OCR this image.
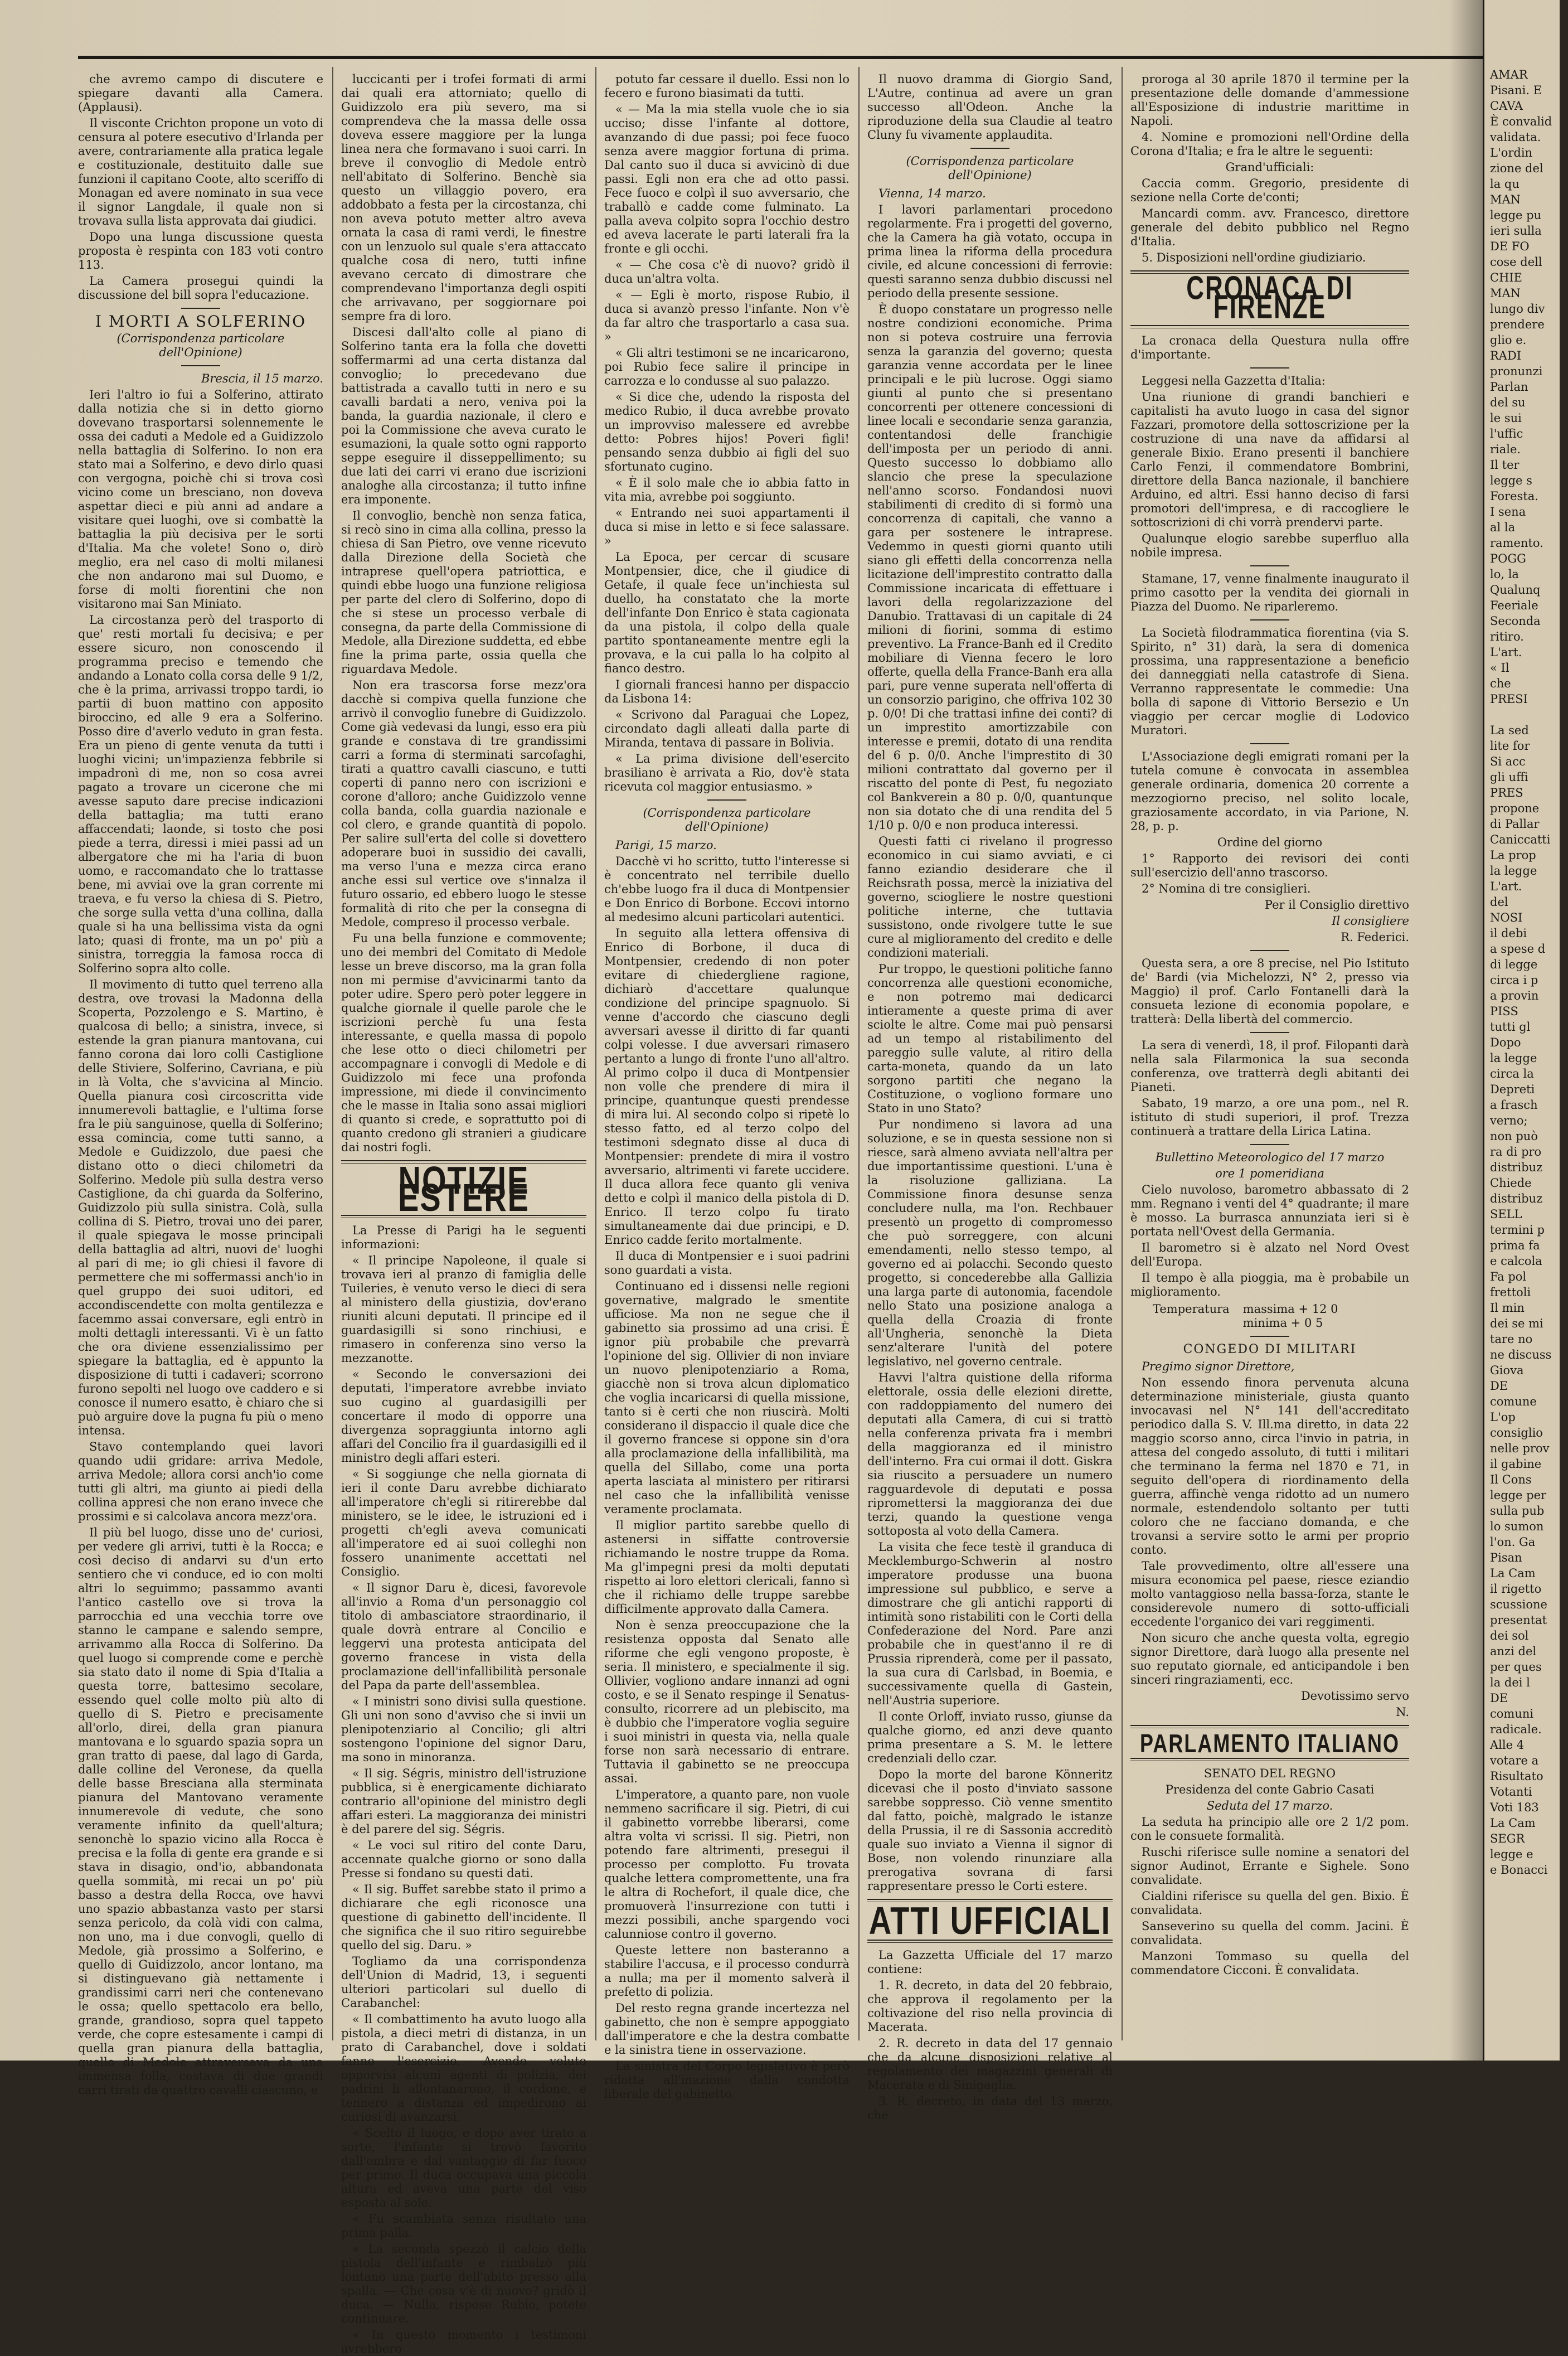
che avremo campo di discutere e spiegare davanti alla Camera. (Applausi).

Il visconte Crichton propone un voto di censura al potere esecutivo d'Irlanda per avere, contrariamente alla pratica legale e costituzionale, destituito dalle sue funzioni il capitano Coote, alto sceriffo di Monagan ed avere nominato in sua vece il signor Langdale, il quale non si trovava sulla lista approvata dai giudici.

Dopo una lunga discussione questa proposta è respinta con 183 voti contro 113.

La Camera prosegui quindi la discussione del bill sopra l'educazione.

I MORTI A SOLFERINO
(Corrispondenza particolare dell'Opinione)

Brescia, il 15 marzo.

Ieri l'altro io fui a Solferino, attirato dalla notizia che si in detto giorno dovevano trasportarsi solennemente le ossa dei caduti a Medole ed a Guidizzolo nella battaglia di Solferino. Io non era stato mai a Solferino, e devo dirlo quasi con vergogna, poichè chi si trova così vicino come un bresciano, non doveva aspettar dieci e più anni ad andare a visitare quei luoghi, ove si combattè la battaglia la più decisiva per le sorti d'Italia. Ma che volete! Sono o, dirò meglio, era nel caso di molti milanesi che non andarono mai sul Duomo, e forse di molti fiorentini che non visitarono mai San Miniato.

La circostanza però del trasporto di que' resti mortali fu decisiva; e per essere sicuro, non conoscendo il programma preciso e temendo che andando a Lonato colla corsa delle 9 1/2, che è la prima, arrivassi troppo tardi, io partii di buon mattino con apposito biroccino, ed alle 9 era a Solferino. Posso dire d'averlo veduto in gran festa. Era un pieno di gente venuta da tutti i luoghi vicini; un'impazienza febbrile si impadronì di me, non so cosa avrei pagato a trovare un cicerone che mi avesse saputo dare precise indicazioni della battaglia; ma tutti erano affaccendati; laonde, si tosto che posi piede a terra, diressi i miei passi ad un albergatore che mi ha l'aria di buon uomo, e raccomandato che lo trattasse bene, mi avviai ove la gran corrente mi traeva, e fu verso la chiesa di S. Pietro, che sorge sulla vetta d'una collina, dalla quale si ha una bellissima vista da ogni lato; quasi di fronte, ma un po' più a sinistra, torreggia la famosa rocca di Solferino sopra alto colle.

Il movimento di tutto quel terreno alla destra, ove trovasi la Madonna della Scoperta, Pozzolengo e S. Martino, è qualcosa di bello; a sinistra, invece, si estende la gran pianura mantovana, cui fanno corona dai loro colli Castiglione delle Stiviere, Solferino, Cavriana, e più in là Volta, che s'avvicina al Mincio. Quella pianura così circoscritta vide innumerevoli battaglie, e l'ultima forse fra le più sanguinose, quella di Solferino; essa comincia, come tutti sanno, a Medole e Guidizzolo, due paesi che distano otto o dieci chilometri da Solferino. Medole più sulla destra verso Castiglione, da chi guarda da Solferino, Guidizzolo più sulla sinistra. Colà, sulla collina di S. Pietro, trovai uno dei parer, il quale spiegava le mosse principali della battaglia ad altri, nuovi de' luoghi al pari di me; io gli chiesi il favore di permettere che mi soffermassi anch'io in quel gruppo dei suoi uditori, ed accondiscendette con molta gentilezza e facemmo assai conversare, egli entrò in molti dettagli interessanti. Vi è un fatto che ora diviene essenzialissimo per spiegare la battaglia, ed è appunto la disposizione di tutti i cadaveri; scorrono furono sepolti nel luogo ove caddero e si conosce il numero esatto, è chiaro che si può arguire dove la pugna fu più o meno intensa.

Stavo contemplando quei lavori quando udii gridare: arriva Medole, arriva Medole; allora corsi anch'io come tutti gli altri, ma giunto ai piedi della collina appresi che non erano invece che prossimi e si calcolava ancora mezz'ora.

Il più bel luogo, disse uno de' curiosi, per vedere gli arrivi, tutti è la Rocca; e così deciso di andarvi su d'un erto sentiero che vi conduce, ed io con molti altri lo seguimmo; passammo avanti l'antico castello ove si trova la parrocchia ed una vecchia torre ove stanno le campane e salendo sempre, arrivammo alla Rocca di Solferino. Da quel luogo si comprende come e perchè sia stato dato il nome di Spia d'Italia a questa torre, battesimo secolare, essendo quel colle molto più alto di quello di S. Pietro e precisamente all'orlo, direi, della gran pianura mantovana e lo sguardo spazia sopra un gran tratto di paese, dal lago di Garda, dalle colline del Veronese, da quella delle basse Bresciana alla sterminata pianura del Mantovano veramente innumerevole di vedute, che sono veramente infinito da quell'altura; senonchè lo spazio vicino alla Rocca è precisa e la folla di gente era grande e si stava in disagio, ond'io, abbandonata quella sommità, mi recai un po' più basso a destra della Rocca, ove havvi uno spazio abbastanza vasto per starsi senza pericolo, da colà vidi con calma, non uno, ma i due convogli, quello di Medole, già prossimo a Solferino, e quello di Guidizzolo, ancor lontano, ma si distinguevano già nettamente i grandissimi carri neri che contenevano le ossa; quello spettacolo era bello, grande, grandioso, sopra quel tappeto verde, che copre estesamente i campi di quella gran pianura della battaglia, quello di Medole attraversava da una immensa folla, costava di due grandi carri tirati da quattro cavalli ciascuno, e

luccicanti per i trofei formati di armi dai quali era attorniato; quello di Guidizzolo era più severo, ma si comprendeva che la massa delle ossa doveva essere maggiore per la lunga linea nera che formavano i suoi carri. In breve il convoglio di Medole entrò nell'abitato di Solferino. Benchè sia questo un villaggio povero, era addobbato a festa per la circostanza, chi non aveva potuto metter altro aveva ornata la casa di rami verdi, le finestre con un lenzuolo sul quale s'era attaccato qualche cosa di nero, tutti infine avevano cercato di dimostrare che comprendevano l'importanza degli ospiti che arrivavano, per soggiornare poi sempre fra di loro.

Discesi dall'alto colle al piano di Solferino tanta era la folla che dovetti soffermarmi ad una certa distanza dal convoglio; lo precedevano due battistrada a cavallo tutti in nero e su cavalli bardati a nero, veniva poi la banda, la guardia nazionale, il clero e poi la Commissione che aveva curato le esumazioni, la quale sotto ogni rapporto seppe eseguire il disseppellimento; su due lati dei carri vi erano due iscrizioni analoghe alla circostanza; il tutto infine era imponente.

Il convoglio, benchè non senza fatica, si recò sino in cima alla collina, presso la chiesa di San Pietro, ove venne ricevuto dalla Direzione della Società che intraprese quell'opera patriottica, e quindi ebbe luogo una funzione religiosa per parte del clero di Solferino, dopo di che si stese un processo verbale di consegna, da parte della Commissione di Medole, alla Direzione suddetta, ed ebbe fine la prima parte, ossia quella che riguardava Medole.

Non era trascorsa forse mezz'ora dacchè si compiva quella funzione che arrivò il convoglio funebre di Guidizzolo. Come già vedevasi da lungi, esso era più grande e constava di tre grandissimi carri a forma di sterminati sarcofaghi, tirati a quattro cavalli ciascuno, e tutti coperti di panno nero con iscrizioni e corone d'alloro; anche Guidizzolo venne colla banda, colla guardia nazionale e col clero, e grande quantità di popolo. Per salire sull'erta del colle si dovettero adoperare buoi in sussidio dei cavalli, ma verso l'una e mezza circa erano anche essi sul vertice ove s'innalza il futuro ossario, ed ebbero luogo le stesse formalità di rito che per la consegna di Medole, compreso il processo verbale.

Fu una bella funzione e commovente; uno dei membri del Comitato di Medole lesse un breve discorso, ma la gran folla non mi permise d'avvicinarmi tanto da poter udire. Spero però poter leggere in qualche giornale il quelle parole che le iscrizioni perchè fu una festa interessante, e quella massa di popolo che lese otto o dieci chilometri per accompagnare i convogli di Medole e di Guidizzolo mi fece una profonda impressione, mi diede il convincimento che le masse in Italia sono assai migliori di quanto si crede, e soprattutto poi di quanto credono gli stranieri a giudicare dai nostri fogli.

NOTIZIE ESTERE

La Presse di Parigi ha le seguenti informazioni:

« Il principe Napoleone, il quale si trovava ieri al pranzo di famiglia delle Tuileries, è venuto verso le dieci di sera al ministero della giustizia, dov'erano riuniti alcuni deputati. Il principe ed il guardasigilli si sono rinchiusi, e rimasero in conferenza sino verso la mezzanotte.

« Secondo le conversazioni dei deputati, l'imperatore avrebbe inviato suo cugino al guardasigilli per concertare il modo di opporre una divergenza sopraggiunta intorno agli affari del Concilio fra il guardasigilli ed il ministro degli affari esteri.

« Si soggiunge che nella giornata di ieri il conte Daru avrebbe dichiarato all'imperatore ch'egli si ritirerebbe dal ministero, se le idee, le istruzioni ed i progetti ch'egli aveva comunicati all'imperatore ed ai suoi colleghi non fossero unanimente accettati nel Consiglio.

« Il signor Daru è, dicesi, favorevole all'invio a Roma d'un personaggio col titolo di ambasciatore straordinario, il quale dovrà entrare al Concilio e leggervi una protesta anticipata del governo francese in vista della proclamazione dell'infallibilità personale del Papa da parte dell'assemblea.

« I ministri sono divisi sulla questione. Gli uni non sono d'avviso che si invii un plenipotenziario al Concilio; gli altri sostengono l'opinione del signor Daru, ma sono in minoranza.

« Il sig. Ségris, ministro dell'istruzione pubblica, si è energicamente dichiarato contrario all'opinione del ministro degli affari esteri. La maggioranza dei ministri è del parere del sig. Ségris.

« Le voci sul ritiro del conte Daru, accennate qualche giorno or sono dalla Presse si fondano su questi dati.

« Il sig. Buffet sarebbe stato il primo a dichiarare che egli riconosce una questione di gabinetto dell'incidente. Il che significa che il suo ritiro seguirebbe quello del sig. Daru. »

Togliamo da una corrispondenza dell'Union di Madrid, 13, i seguenti ulteriori particolari sul duello di Carabanchel:

« Il combattimento ha avuto luogo alla pistola, a dieci metri di distanza, in un prato di Carabanchel, dove i soldati fanno l'esercizio. Avendo voluto opporvisi alcuni agenti di polizia, dei padrini li allontanarono, il cordone, e tennero a distanza ed impedirono ai curiosi di avanzarsi.

« Scelto il luogo, e dopo aver tirato a sorte, l'infante si trovò favorito dall'ombra e dal vantaggio di far fuoco per primo. Il duca occupava una piccola altura ed aveva una parte del viso esposta al sole.

« Fu scambiata senza risultato una prima palla.

« La seconda spezzò il calcio della pistola dell'infante e rimbalzò più lontano una parte dell'abito presso alla spalla. — Che cosa v'è di nuovo? gridò il duca. — Nulla, rispose Rubio, potete continuare.

« In questo momento i testimoni avrebbero

potuto far cessare il duello. Essi non lo fecero e furono biasimati da tutti.

« — Ma la mia stella vuole che io sia ucciso; disse l'infante al dottore, avanzando di due passi; poi fece fuoco senza avere maggior fortuna di prima. Dal canto suo il duca si avvicinò di due passi. Egli non era che ad otto passi. Fece fuoco e colpì il suo avversario, che traballò e cadde come fulminato. La palla aveva colpito sopra l'occhio destro ed aveva lacerate le parti laterali fra la fronte e gli occhi.

« — Che cosa c'è di nuovo? gridò il duca un'altra volta.

« — Egli è morto, rispose Rubio, il duca si avanzò presso l'infante. Non v'è da far altro che trasportarlo a casa sua. »

« Gli altri testimoni se ne incaricarono, poi Rubio fece salire il principe in carrozza e lo condusse al suo palazzo.

« Si dice che, udendo la risposta del medico Rubio, il duca avrebbe provato un improvviso malessere ed avrebbe detto: Pobres hijos! Poveri figli! pensando senza dubbio ai figli del suo sfortunato cugino.

« È il solo male che io abbia fatto in vita mia, avrebbe poi soggiunto.

« Entrando nei suoi appartamenti il duca si mise in letto e si fece salassare. »

La Epoca, per cercar di scusare Montpensier, dice, che il giudice di Getafe, il quale fece un'inchiesta sul duello, ha constatato che la morte dell'infante Don Enrico è stata cagionata da una pistola, il colpo della quale partito spontaneamente mentre egli la provava, e la cui palla lo ha colpito al fianco destro.

I giornali francesi hanno per dispaccio da Lisbona 14:

« Scrivono dal Paraguai che Lopez, circondato dagli alleati dalla parte di Miranda, tentava di passare in Bolivia.

« La prima divisione dell'esercito brasiliano è arrivata a Rio, dov'è stata ricevuta col maggior entusiasmo. »

(Corrispondenza particolare dell'Opinione)

Parigi, 15 marzo.

Dacchè vi ho scritto, tutto l'interesse si è concentrato nel terribile duello ch'ebbe luogo fra il duca di Montpensier e Don Enrico di Borbone. Eccovi intorno al medesimo alcuni particolari autentici.

In seguito alla lettera offensiva di Enrico di Borbone, il duca di Montpensier, credendo di non poter evitare di chiedergliene ragione, dichiarò d'accettare qualunque condizione del principe spagnuolo. Si venne d'accordo che ciascuno degli avversari avesse il diritto di far quanti colpi volesse. I due avversari rimasero pertanto a lungo di fronte l'uno all'altro. Al primo colpo il duca di Montpensier non volle che prendere di mira il principe, quantunque questi prendesse di mira lui. Al secondo colpo si ripetè lo stesso fatto, ed al terzo colpo del testimoni sdegnato disse al duca di Montpensier: prendete di mira il vostro avversario, altrimenti vi farete uccidere. Il duca allora fece quanto gli veniva detto e colpì il manico della pistola di D. Enrico. Il terzo colpo fu tirato simultaneamente dai due principi, e D. Enrico cadde ferito mortalmente.

Il duca di Montpensier e i suoi padrini sono guardati a vista.

Continuano ed i dissensi nelle regioni governative, malgrado le smentite ufficiose. Ma non ne segue che il gabinetto sia prossimo ad una crisi. È ignor più probabile che prevarrà l'opinione del sig. Ollivier di non inviare un nuovo plenipotenziario a Roma, giacchè non si trova alcun diplomatico che voglia incaricarsi di quella missione, tanto si è certi che non riuscirà. Molti considerano il dispaccio il quale dice che il governo francese si oppone sin d'ora alla proclamazione della infallibilità, ma quella del Sillabo, come una porta aperta lasciata al ministero per ritirarsi nel caso che la infallibilità venisse veramente proclamata.

Il miglior partito sarebbe quello di astenersi in siffatte controversie richiamando le nostre truppe da Roma. Ma gl'impegni presi da molti deputati rispetto ai loro elettori clericali, fanno sì che il richiamo delle truppe sarebbe difficilmente approvato dalla Camera.

Non è senza preoccupazione che la resistenza opposta dal Senato alle riforme che egli vengono proposte, è seria. Il ministero, e specialmente il sig. Ollivier, vogliono andare innanzi ad ogni costo, e se il Senato respinge il Senatus-consulto, ricorrere ad un plebiscito, ma è dubbio che l'imperatore voglia seguire i suoi ministri in questa via, nella quale forse non sarà necessario di entrare. Tuttavia il gabinetto se ne preoccupa assai.

L'imperatore, a quanto pare, non vuole nemmeno sacrificare il sig. Pietri, di cui il gabinetto vorrebbe liberarsi, come altra volta vi scrissi. Il sig. Pietri, non potendo fare altrimenti, presegui il processo per complotto. Fu trovata qualche lettera compromettente, una fra le altra di Rochefort, il quale dice, che promuoverà l'insurrezione con tutti i mezzi possibili, anche spargendo voci calunniose contro il governo.

Queste lettere non basteranno a stabilire l'accusa, e il processo condurrà a nulla; ma per il momento salverà il prefetto di polizia.

Del resto regna grande incertezza nel gabinetto, che non è sempre appoggiato dall'imperatore e che la destra combatte e la sinistra tiene in osservazione.

La sinistra del Corpo legislativo è però ridotta all'inazione dalla condotta liberale del gabinetto.

Il nuovo dramma di Giorgio Sand, L'Autre, continua ad avere un gran successo all'Odeon. Anche la riproduzione della sua Claudie al teatro Cluny fu vivamente applaudita.

(Corrispondenza particolare dell'Opinione)

Vienna, 14 marzo.

I lavori parlamentari procedono regolarmente. Fra i progetti del governo, che la Camera ha già votato, occupa in prima linea la riforma della procedura civile, ed alcune concessioni di ferrovie: questi saranno senza dubbio discussi nel periodo della presente sessione.

È duopo constatare un progresso nelle nostre condizioni economiche. Prima non si poteva costruire una ferrovia senza la garanzia del governo; questa garanzia venne accordata per le linee principali e le più lucrose. Oggi siamo giunti al punto che si presentano concorrenti per ottenere concessioni di linee locali e secondarie senza garanzia, contentandosi delle franchigie dell'imposta per un periodo di anni. Questo successo lo dobbiamo allo slancio che prese la speculazione nell'anno scorso. Fondandosi nuovi stabilimenti di credito di si formò una concorrenza di capitali, che vanno a gara per sostenere le intraprese. Vedemmo in questi giorni quanto utili siano gli effetti della concorrenza nella licitazione dell'imprestito contratto dalla Commissione incaricata di effettuare i lavori della regolarizzazione del Danubio. Trattavasi di un capitale di 24 milioni di fiorini, somma di estimo preventivo. La France-Banh ed il Credito mobiliare di Vienna fecero le loro offerte, quella della France-Banh era alla pari, pure venne superata nell'offerta di un consorzio parigino, che offriva 102 30 p. 0/0! Di che trattasi infine dei conti? di un imprestito amortizzabile con interesse e premii, dotato di una rendita del 6 p. 0/0. Anche l'imprestito di 30 milioni contrattato dal governo per il riscatto del ponte di Pest, fu negoziato col Bankverein a 80 p. 0/0, quantunque non sia dotato che di una rendita del 5 1/10 p. 0/0 e non produca interessi.

Questi fatti ci rivelano il progresso economico in cui siamo avviati, e ci fanno eziandio desiderare che il Reichsrath possa, mercè la iniziativa del governo, sciogliere le nostre questioni politiche interne, che tuttavia sussistono, onde rivolgere tutte le sue cure al miglioramento del credito e delle condizioni materiali.

Pur troppo, le questioni politiche fanno concorrenza alle questioni economiche, e non potremo mai dedicarci intieramente a queste prima di aver sciolte le altre. Come mai può pensarsi ad un tempo al ristabilimento del pareggio sulle valute, al ritiro della carta-moneta, quando da un lato sorgono partiti che negano la Costituzione, o vogliono formare uno Stato in uno Stato?

Pur nondimeno si lavora ad una soluzione, e se in questa sessione non si riesce, sarà almeno avviata nell'altra per due importantissime questioni. L'una è la risoluzione galliziana. La Commissione finora desunse senza concludere nulla, ma l'on. Rechbauer presentò un progetto di compromesso che può sorreggere, con alcuni emendamenti, nello stesso tempo, al governo ed ai polacchi. Secondo questo progetto, si concederebbe alla Gallizia una larga parte di autonomia, facendole nello Stato una posizione analoga a quella della Croazia di fronte all'Ungheria, senonchè la Dieta senz'alterare l'unità del potere legislativo, nel governo centrale.

Havvi l'altra quistione della riforma elettorale, ossia delle elezioni dirette, con raddoppiamento del numero dei deputati alla Camera, di cui si trattò nella conferenza privata fra i membri della maggioranza ed il ministro dell'interno. Fra cui ormai il dott. Giskra sia riuscito a persuadere un numero ragguardevole di deputati e possa ripromettersi la maggioranza dei due terzi, quando la questione venga sottoposta al voto della Camera.

La visita che fece testè il granduca di Mecklemburgo-Schwerin al nostro imperatore produsse una buona impressione sul pubblico, e serve a dimostrare che gli antichi rapporti di intimità sono ristabiliti con le Corti della Confederazione del Nord. Pare anzi probabile che in quest'anno il re di Prussia riprenderà, come per il passato, la sua cura di Carlsbad, in Boemia, e successivamente quella di Gastein, nell'Austria superiore.

Il conte Orloff, inviato russo, giunse da qualche giorno, ed anzi deve quanto prima presentare a S. M. le lettere credenziali dello czar.

Dopo la morte del barone Könneritz dicevasi che il posto d'inviato sassone sarebbe soppresso. Ciò venne smentito dal fatto, poichè, malgrado le istanze della Prussia, il re di Sassonia accreditò quale suo inviato a Vienna il signor di Bose, non volendo rinunziare alla prerogativa sovrana di farsi rappresentare presso le Corti estere.

ATTI UFFICIALI

La Gazzetta Ufficiale del 17 marzo contiene:

1. R. decreto, in data del 20 febbraio, che approva il regolamento per la coltivazione del riso nella provincia di Macerata.

2. R. decreto in data del 17 gennaio che da alcune disposizioni relative al regolamento dei magazzini generali di Macerata e di Sinigaglia.

3. R. decreto, in data del 13 marzo, che

proroga al 30 aprile 1870 il termine per la presentazione delle domande d'ammessione all'Esposizione di industrie marittime in Napoli.

4. Nomine e promozioni nell'Ordine della Corona d'Italia; e fra le altre le seguenti:

Grand'ufficiali:

Caccia comm. Gregorio, presidente di sezione nella Corte de'conti;

Mancardi comm. avv. Francesco, direttore generale del debito pubblico nel Regno d'Italia.

5. Disposizioni nell'ordine giudiziario.

CRONACA DI FIRENZE

La cronaca della Questura nulla offre d'importante.

Leggesi nella Gazzetta d'Italia:

Una riunione di grandi banchieri e capitalisti ha avuto luogo in casa del signor Fazzari, promotore della sottoscrizione per la costruzione di una nave da affidarsi al generale Bixio. Erano presenti il banchiere Carlo Fenzi, il commendatore Bombrini, direttore della Banca nazionale, il banchiere Arduino, ed altri. Essi hanno deciso di farsi promotori dell'impresa, e di raccogliere le sottoscrizioni di chi vorrà prendervi parte.

Qualunque elogio sarebbe superfluo alla nobile impresa.

Stamane, 17, venne finalmente inaugurato il primo casotto per la vendita dei giornali in Piazza del Duomo. Ne riparleremo.

La Società filodrammatica fiorentina (via S. Spirito, n° 31) darà, la sera di domenica prossima, una rappresentazione a beneficio dei danneggiati nella catastrofe di Siena. Verranno rappresentate le commedie: Una bolla di sapone di Vittorio Bersezio e Un viaggio per cercar moglie di Lodovico Muratori.

L'Associazione degli emigrati romani per la tutela comune è convocata in assemblea generale ordinaria, domenica 20 corrente a mezzogiorno preciso, nel solito locale, graziosamente accordato, in via Parione, N. 28, p. p.

Ordine del giorno

1° Rapporto dei revisori dei conti sull'esercizio dell'anno trascorso.

2° Nomina di tre consiglieri.

Per il Consiglio direttivo

Il consigliere

R. Federici.

Questa sera, a ore 8 precise, nel Pio Istituto de' Bardi (via Michelozzi, N° 2, presso via Maggio) il prof. Carlo Fontanelli darà la consueta lezione di economia popolare, e tratterà: Della libertà del commercio.

La sera di venerdì, 18, il prof. Filopanti darà nella sala Filarmonica la sua seconda conferenza, ove tratterrà degli abitanti dei Pianeti.

Sabato, 19 marzo, a ore una pom., nel R. istituto di studi superiori, il prof. Trezza continuerà a trattare della Lirica Latina.

Bullettino Meteorologico del 17 marzo

ore 1 pomeridiana

Cielo nuvoloso, barometro abbassato di 2 mm. Regnano i venti del 4° quadrante; il mare è mosso. La burrasca annunziata ieri si è portata nell'Ovest della Germania.

Il barometro si è alzato nel Nord Ovest dell'Europa.

Il tempo è alla pioggia, ma è probabile un miglioramento.

Temperatura massima + 12 0
minima + 0 5
CONGEDO DI MILITARI

Pregimo signor Direttore,

Non essendo finora pervenuta alcuna determinazione ministeriale, giusta quanto invocavasi nel N° 141 dell'accreditato periodico dalla S. V. Ill.ma diretto, in data 22 maggio scorso anno, circa l'invio in patria, in attesa del congedo assoluto, di tutti i militari che terminano la ferma nel 1870 e 71, in seguito dell'opera di riordinamento della guerra, affinchè venga ridotto ad un numero normale, estendendolo soltanto per tutti coloro che ne facciano domanda, e che trovansi a servire sotto le armi per proprio conto.

Tale provvedimento, oltre all'essere una misura economica pel paese, riesce eziandio molto vantaggioso nella bassa-forza, stante le considerevole numero di sotto-ufficiali eccedente l'organico dei vari reggimenti.

Non sicuro che anche questa volta, egregio signor Direttore, darà luogo alla presente nel suo reputato giornale, ed anticipandole i ben sinceri ringraziamenti, ecc.

Devotissimo servo

N.

PARLAMENTO ITALIANO

SENATO DEL REGNO

Presidenza del conte Gabrio Casati

Seduta del 17 marzo.

La seduta ha principio alle ore 2 1/2 pom. con le consuete formalità.

Ruschi riferisce sulle nomine a senatori del signor Audinot, Errante e Sighele. Sono convalidate.

Cialdini riferisce su quella del gen. Bixio. È convalidata.

Sanseverino su quella del comm. Jacini. È convalidata.

Manzoni Tommaso su quella del commendatore Cicconi. È convalidata.

AMAR
Pisani. E
CAVA
È convalid
validata.
L'ordin
zione del
la qu
MAN
legge pu
ieri sulla
DE FO
cose dell
CHIE
MAN
lungo div
prendere
glio e.
RADI
pronunzi
Parlan
del su
le sui
l'uffic
riale.
Il ter
legge s
Foresta.
I sena
al la
ramento.
POGG
lo, la
Qualunq
Feeriale
Seconda
ritiro.
L'art.
« Il
che
PRESI

La sed
lite for
Si acc
gli uffi
PRES
propone
di Pallar
Caniccatti
La prop
la legge
L'art.
del
NOSI
il debi
a spese d
di legge
circa i p
a provin
PISS
tutti gl
Dopo
la legge
circa la
Depreti
a frasch
verno;
non può
ra di pro
distribuz
Chiede
distribuz
SELL
termini p
prima fa
e calcola
Fa pol
frettoli
Il min
dei se mi
tare no
ne discuss
Giova
DE
comune
L'op
consiglio
nelle prov
il gabine
Il Cons
legge per
sulla pub
lo sumon
l'on. Ga
Pisan
La Cam
il rigetto
scussione
presentat
dei sol
anzi del
per ques
la dei l
DE
comuni
radicale.
Alle 4
votare a
Risultato
Votanti
Voti 183
La Cam
SEGR
legge e
e Bonacci
